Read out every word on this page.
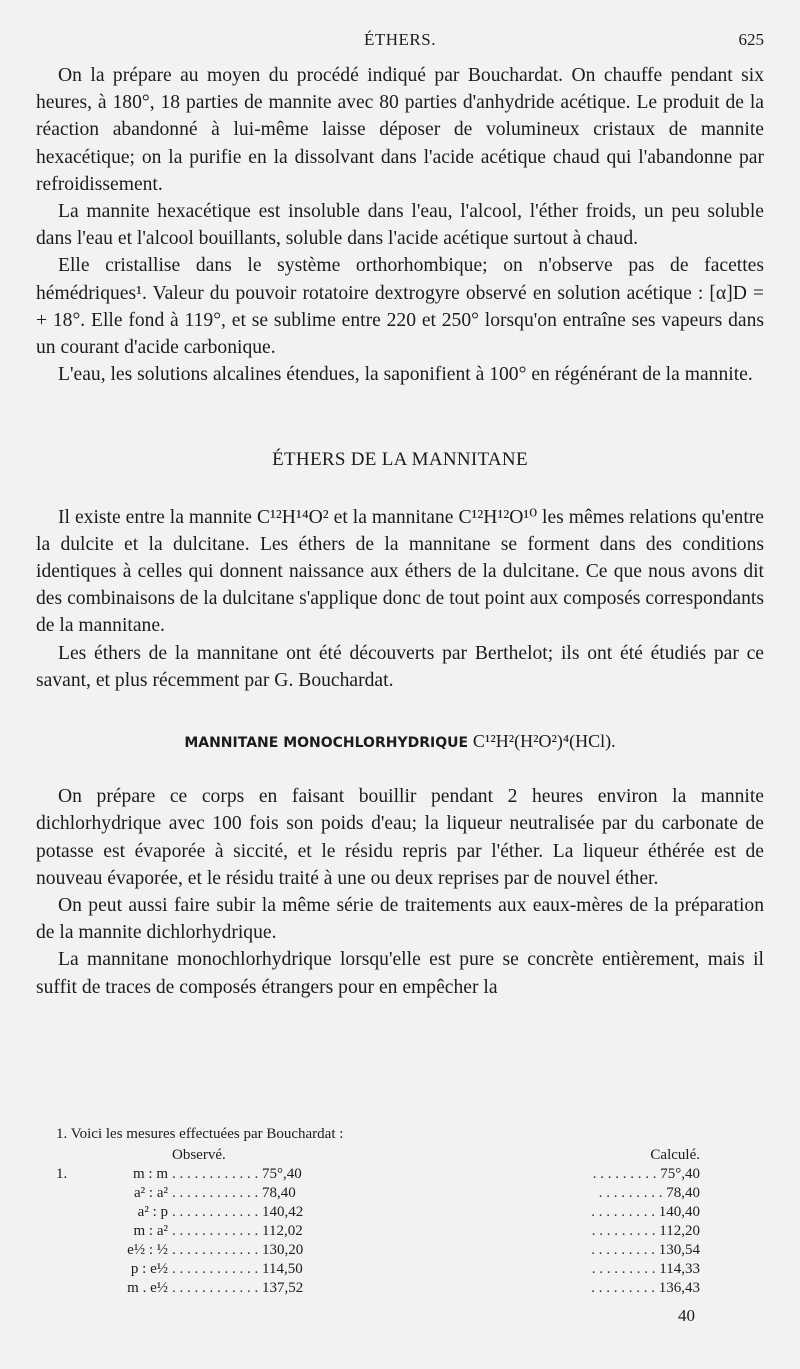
ÉTHERS.	625

On la prépare au moyen du procédé indiqué par Bouchardat. On chauffe pendant six heures, à 180°, 18 parties de mannite avec 80 parties d'anhydride acétique. Le produit de la réaction abandonné à lui-même laisse déposer de volumineux cristaux de mannite hexacétique; on la purifie en la dissolvant dans l'acide acétique chaud qui l'abandonne par refroidissement.

La mannite hexacétique est insoluble dans l'eau, l'alcool, l'éther froids, un peu soluble dans l'eau et l'alcool bouillants, soluble dans l'acide acétique surtout à chaud.

Elle cristallise dans le système orthorhombique; on n'observe pas de facettes hémédriques¹. Valeur du pouvoir rotatoire dextrogyre observé en solution acétique : [α]D = + 18°. Elle fond à 119°, et se sublime entre 220 et 250° lorsqu'on entraîne ses vapeurs dans un courant d'acide carbonique.

L'eau, les solutions alcalines étendues, la saponifient à 100° en régénérant de la mannite.

ÉTHERS DE LA MANNITANE

Il existe entre la mannite C¹²H¹⁴O² et la mannitane C¹²H¹²O¹⁰ les mêmes relations qu'entre la dulcite et la dulcitane. Les éthers de la mannitane se forment dans des conditions identiques à celles qui donnent naissance aux éthers de la dulcitane. Ce que nous avons dit des combinaisons de la dulcitane s'applique donc de tout point aux composés correspondants de la mannitane.

Les éthers de la mannitane ont été découverts par Berthelot; ils ont été étudiés par ce savant, et plus récemment par G. Bouchardat.

MANNITANE MONOCHLORHYDRIQUE C¹²H²(H²O²)⁴(HCl).

On prépare ce corps en faisant bouillir pendant 2 heures environ la mannite dichlorhydrique avec 100 fois son poids d'eau; la liqueur neutralisée par du carbonate de potasse est évaporée à siccité, et le résidu repris par l'éther. La liqueur éthérée est de nouveau évaporée, et le résidu traité à une ou deux reprises par de nouvel éther.

On peut aussi faire subir la même série de traitements aux eaux-mères de la préparation de la mannite dichlorhydrique.

La mannitane monochlorhydrique lorsqu'elle est pure se concrète entièrement, mais il suffit de traces de composés étrangers pour en empêcher la

1. Voici les mesures effectuées par Bouchardat :
		Observé.	Calculé.
1.	m : m	. . . . . . . . . . . . 75°,40	. . . . . . . . . 75°,40
	a² : a²	. . . . . . . . . . . . 78,40	. . . . . . . . . 78,40
	a² : p	. . . . . . . . . . . . 140,42	. . . . . . . . . 140,40
	m : a²	. . . . . . . . . . . . 112,02	. . . . . . . . . 112,20
	e½ : ½	. . . . . . . . . . . . 130,20	. . . . . . . . . 130,54
	p : e½	. . . . . . . . . . . . 114,50	. . . . . . . . . 114,33
	m . e½	. . . . . . . . . . . . 137,52	. . . . . . . . . 136,43
40
